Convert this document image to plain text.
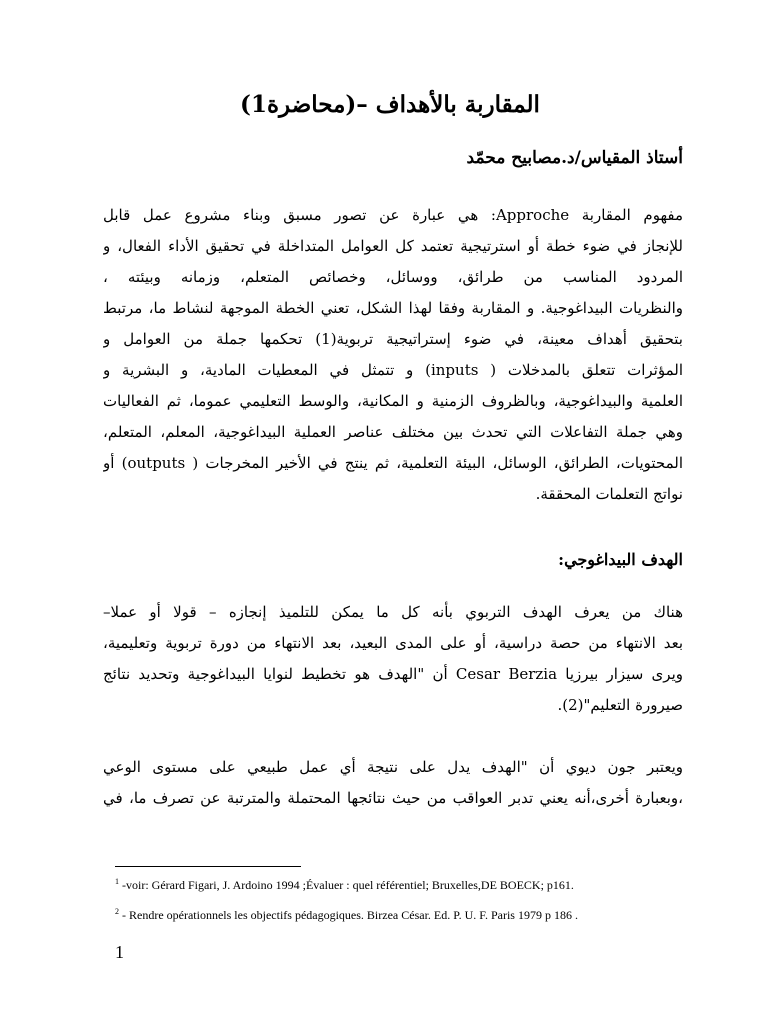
المقاربة بالأهداف –(محاضرة1)
أستاذ المقياس/د.مصابيح محمّد
مفهوم المقاربة Approche: هي عبارة عن تصور مسبق وبناء مشروع عمل قابل
للإنجاز في ضوء خطة أو استرتيجية تعتمد كل العوامل المتداخلة في تحقيق الأداء الفعال، و
المردود المناسب من طرائق، ووسائل، وخصائص المتعلم، وزمانه وبيئته ،
والنظريات البيداغوجية. و المقاربة وفقا لهذا الشكل، تعني الخطة الموجهة لنشاط ما، مرتبط
بتحقيق أهداف معينة، في ضوء إستراتيجية تربوية(1) تحكمها جملة من العوامل و
المؤثرات تتعلق بالمدخلات ( inputs) و تتمثل في المعطيات المادية، و البشرية و
العلمية والبيداغوجية، وبالظروف الزمنية و المكانية، والوسط التعليمي عموما، ثم الفعاليات
وهي جملة التفاعلات التي تحدث بين مختلف عناصر العملية البيداغوجية، المعلم، المتعلم،
المحتويات، الطرائق، الوسائل، البيئة التعلمية، ثم ينتج في الأخير المخرجات ( outputs) أو
نواتج التعلمات المحققة.
الهدف البيداغوجي:
هناك من يعرف الهدف التربوي بأنه كل ما يمكن للتلميذ إنجازه – قولا أو عملا–
بعد الانتهاء من حصة دراسية، أو على المدى البعيد، بعد الانتهاء من دورة تربوية وتعليمية،
ويرى سيزار بيرزيا Cesar Berzia أن "الهدف هو تخطيط لنوايا البيداغوجية وتحديد نتائج
صيرورة التعليم"(2).
ويعتبر جون ديوي أن "الهدف يدل على نتيجة أي عمل طبيعي على مستوى الوعي
،وبعبارة أخرى،أنه يعني تدبر العواقب من حيث نتائجها المحتملة والمترتبة عن تصرف ما، في
$^1$ -voir: Gérard Figari, J. Ardoino 1994 ;Évaluer : quel référentiel; Bruxelles,DE BOECK; p161.
$^2$ - Rendre opérationnels les objectifs pédagogiques. Birzea César. Ed. P. U. F. Paris 1979 p 186 .
1
